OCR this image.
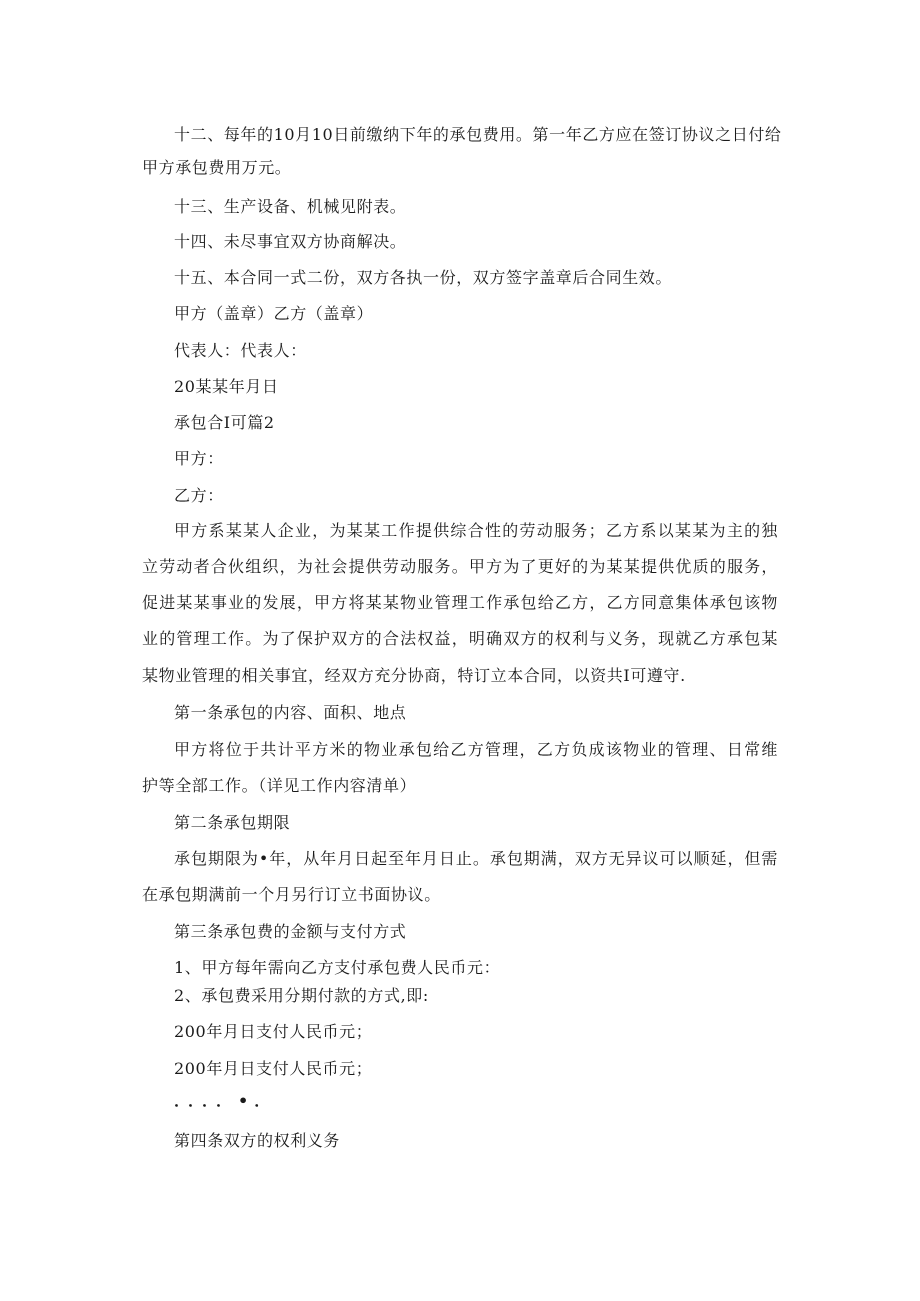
十二、每年的10月10日前缴纳下年的承包费用。第一年乙方应在签订协议之日付给
甲方承包费用万元。
十三、生产设备、机械见附表。
十四、未尽事宜双方协商解决。
十五、本合同一式二份，双方各执一份，双方签字盖章后合同生效。
甲方（盖章）乙方（盖章）
代表人：代表人：
20某某年月日
承包合I可篇2
甲方：
乙方：
甲方系某某人企业，为某某工作提供综合性的劳动服务；乙方系以某某为主的独
立劳动者合伙组织，为社会提供劳动服务。甲方为了更好的为某某提供优质的服务，
促进某某事业的发展，甲方将某某物业管理工作承包给乙方，乙方同意集体承包该物
业的管理工作。为了保护双方的合法权益，明确双方的权利与义务，现就乙方承包某
某物业管理的相关事宜，经双方充分协商，特订立本合同，以资共I可遵守.
第一条承包的内容、面积、地点
甲方将位于共计平方米的物业承包给乙方管理，乙方负成该物业的管理、日常维
护等全部工作。（详见工作内容清单）
第二条承包期限
承包期限为•年，从年月日起至年月日止。承包期满，双方无异议可以顺延，但需
在承包期满前一个月另行订立书面协议。
第三条承包费的金额与支付方式
1、甲方每年需向乙方支付承包费人民币元：
2、承包费采用分期付款的方式,即:
200年月日支付人民币元；
200年月日支付人民币元；
．．．．•．
第四条双方的权利义务
